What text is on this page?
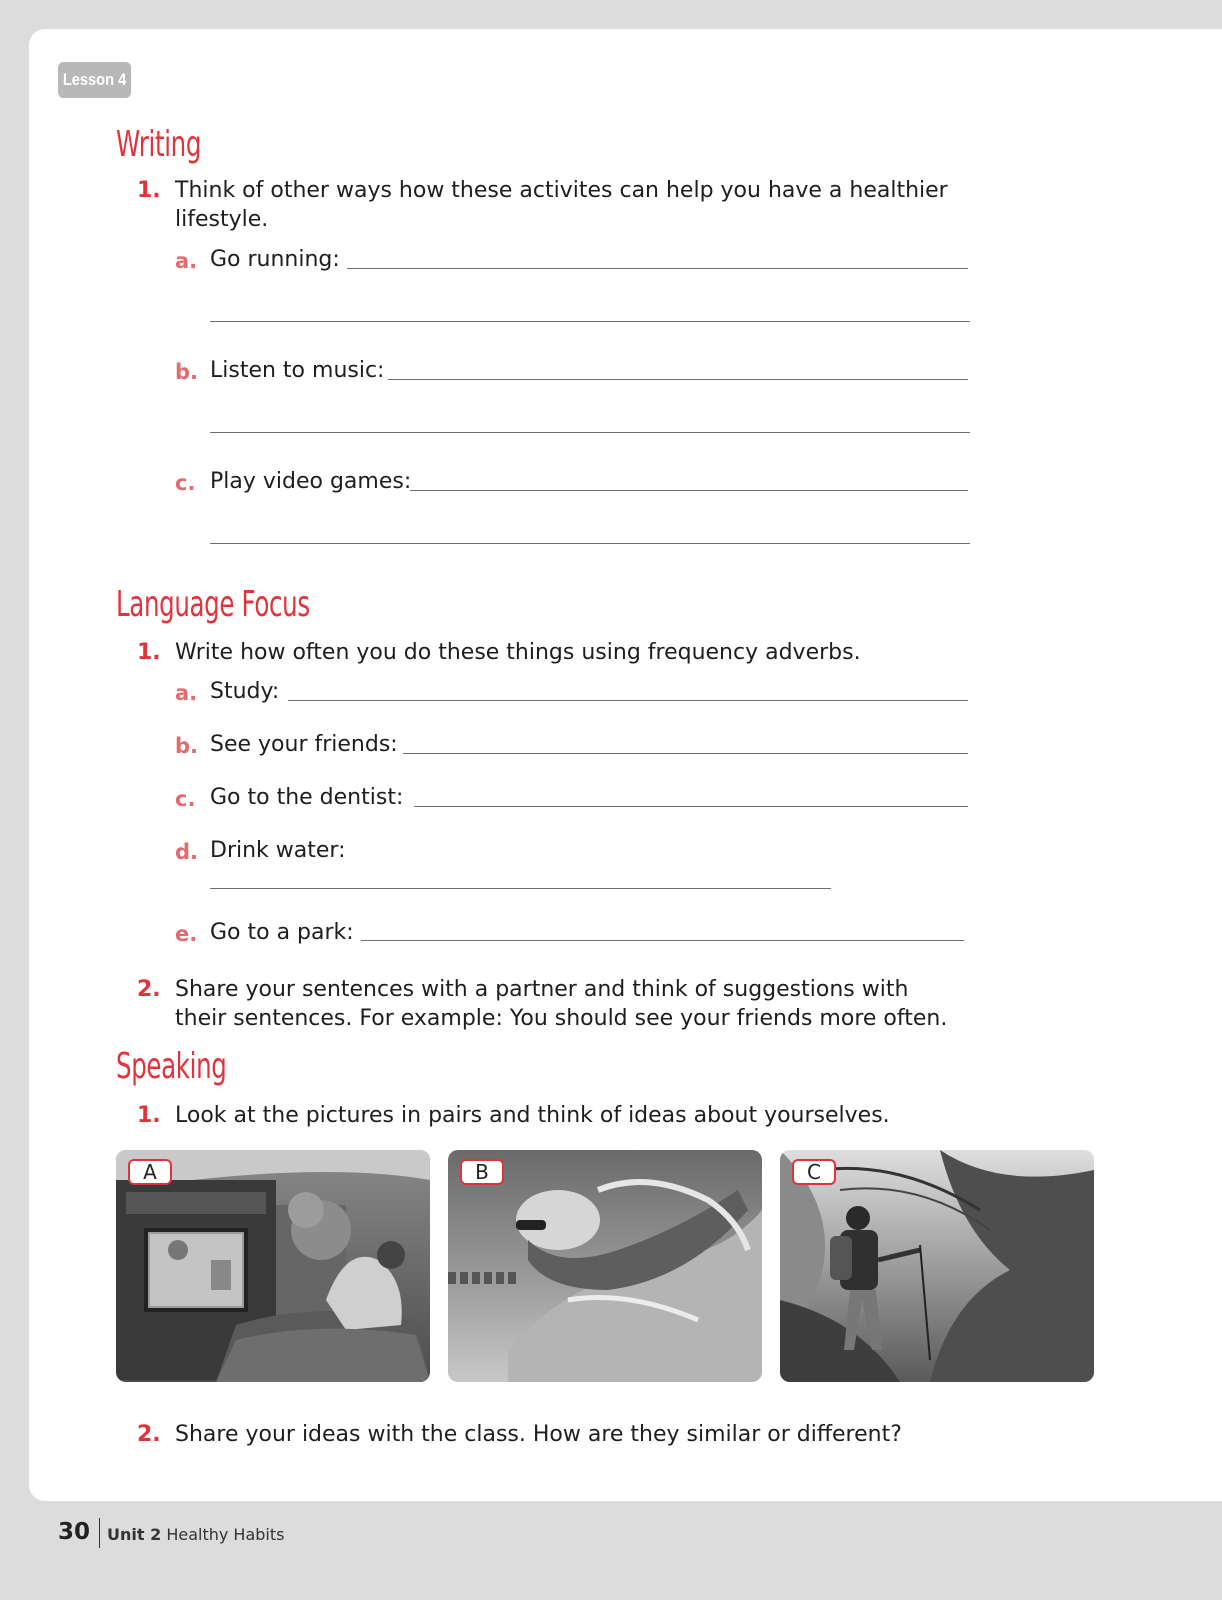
Lesson 4
Writing
1. Think of other ways how these activites can help you have a healthier
lifestyle.
a. Go running:
b. Listen to music:
c. Play video games:
Language Focus
1. Write how often you do these things using frequency adverbs.
a. Study:
b. See your friends:
c. Go to the dentist:
d. Drink water:
e. Go to a park:
2. Share your sentences with a partner and think of suggestions with
their sentences. For example: You should see your friends more often.
Speaking
1. Look at the pictures in pairs and think of ideas about yourselves.
A	B	C
2. Share your ideas with the class. How are they similar or different?
30 Unit 2 Healthy Habits
